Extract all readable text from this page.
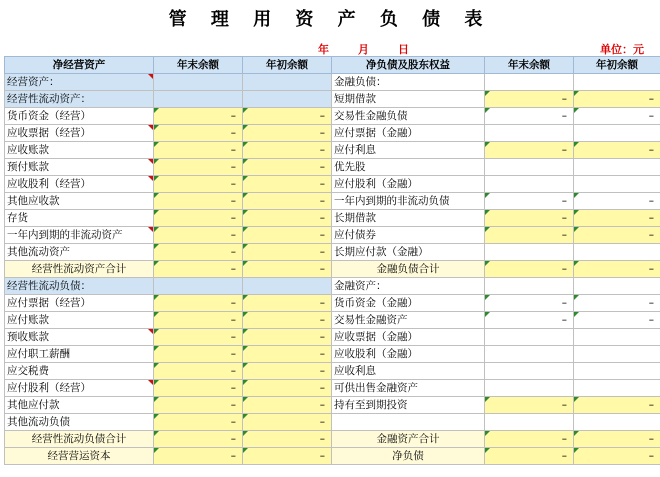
管 理 用 资 产 负 债 表
年	月	日	单位：元
净经营资产	年末余额	年初余额	净负债及股东权益	年末余额	年初余额

经营资产：			金融负债：		
经营性流动资产：			短期借款	–	–
货币资金（经营）	–	–	交易性金融负债	–	–

应收票据（经营）	–	–	应付票据（金融）		
应收账款	–	–	应付利息	–	–

预付账款	–	–	优先股		

应收股利（经营）	–	–	应付股利（金融）		
其他应收款	–	–	一年内到期的非流动负债	–	–
存货	–	–	长期借款	–	–

一年内到期的非流动资产	–	–	应付债券	–	–
其他流动资产	–	–	长期应付款（金融）		
经营性流动资产合计	–	–	金融负债合计	–	–
经营性流动负债：			金融资产：		
应付票据（经营）	–	–	货币资金（金融）	–	–
应付账款	–	–	交易性金融资产	–	–

预收账款	–	–	应收票据（金融）		
应付职工薪酬	–	–	应收股利（金融）		
应交税费	–	–	应收利息		

应付股利（经营）	–	–	可供出售金融资产		
其他应付款	–	–	持有至到期投资	–	–
其他流动负债	–	–			
经营性流动负债合计	–	–	金融资产合计	–	–
经营营运资本	–	–	净负债	–	–
